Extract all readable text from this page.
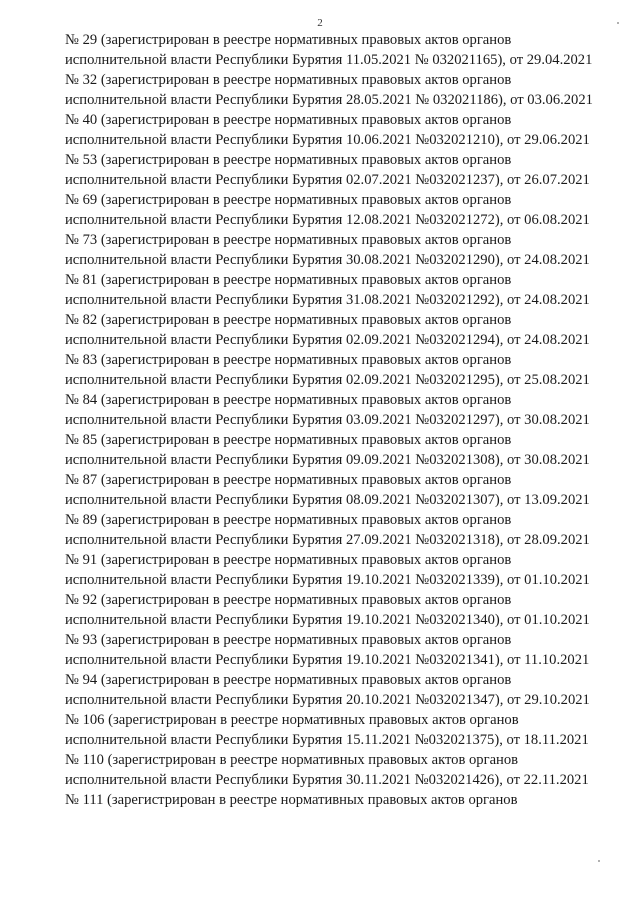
2
№ 29 (зарегистрирован в реестре нормативных правовых актов органов
исполнительной власти Республики Бурятия 11.05.2021 № 032021165), от 29.04.2021
№ 32 (зарегистрирован в реестре нормативных правовых актов органов
исполнительной власти Республики Бурятия 28.05.2021 № 032021186), от 03.06.2021
№ 40 (зарегистрирован в реестре нормативных правовых актов органов
исполнительной власти Республики Бурятия 10.06.2021 №032021210), от 29.06.2021
№ 53 (зарегистрирован в реестре нормативных правовых актов органов
исполнительной власти Республики Бурятия 02.07.2021 №032021237), от 26.07.2021
№ 69 (зарегистрирован в реестре нормативных правовых актов органов
исполнительной власти Республики Бурятия 12.08.2021 №032021272), от 06.08.2021
№ 73 (зарегистрирован в реестре нормативных правовых актов органов
исполнительной власти Республики Бурятия 30.08.2021 №032021290), от 24.08.2021
№ 81 (зарегистрирован в реестре нормативных правовых актов органов
исполнительной власти Республики Бурятия 31.08.2021 №032021292), от 24.08.2021
№ 82 (зарегистрирован в реестре нормативных правовых актов органов
исполнительной власти Республики Бурятия 02.09.2021 №032021294), от 24.08.2021
№ 83 (зарегистрирован в реестре нормативных правовых актов органов
исполнительной власти Республики Бурятия 02.09.2021 №032021295), от 25.08.2021
№ 84 (зарегистрирован в реестре нормативных правовых актов органов
исполнительной власти Республики Бурятия 03.09.2021 №032021297), от 30.08.2021
№ 85 (зарегистрирован в реестре нормативных правовых актов органов
исполнительной власти Республики Бурятия 09.09.2021 №032021308), от 30.08.2021
№ 87 (зарегистрирован в реестре нормативных правовых актов органов
исполнительной власти Республики Бурятия 08.09.2021 №032021307), от 13.09.2021
№ 89 (зарегистрирован в реестре нормативных правовых актов органов
исполнительной власти Республики Бурятия 27.09.2021 №032021318), от 28.09.2021
№ 91 (зарегистрирован в реестре нормативных правовых актов органов
исполнительной власти Республики Бурятия 19.10.2021 №032021339), от 01.10.2021
№ 92 (зарегистрирован в реестре нормативных правовых актов органов
исполнительной власти Республики Бурятия 19.10.2021 №032021340), от 01.10.2021
№ 93 (зарегистрирован в реестре нормативных правовых актов органов
исполнительной власти Республики Бурятия 19.10.2021 №032021341), от 11.10.2021
№ 94 (зарегистрирован в реестре нормативных правовых актов органов
исполнительной власти Республики Бурятия 20.10.2021 №032021347), от 29.10.2021
№ 106 (зарегистрирован в реестре нормативных правовых актов органов
исполнительной власти Республики Бурятия 15.11.2021 №032021375), от 18.11.2021
№ 110 (зарегистрирован в реестре нормативных правовых актов органов
исполнительной власти Республики Бурятия 30.11.2021 №032021426), от 22.11.2021
№ 111 (зарегистрирован в реестре нормативных правовых актов органов
